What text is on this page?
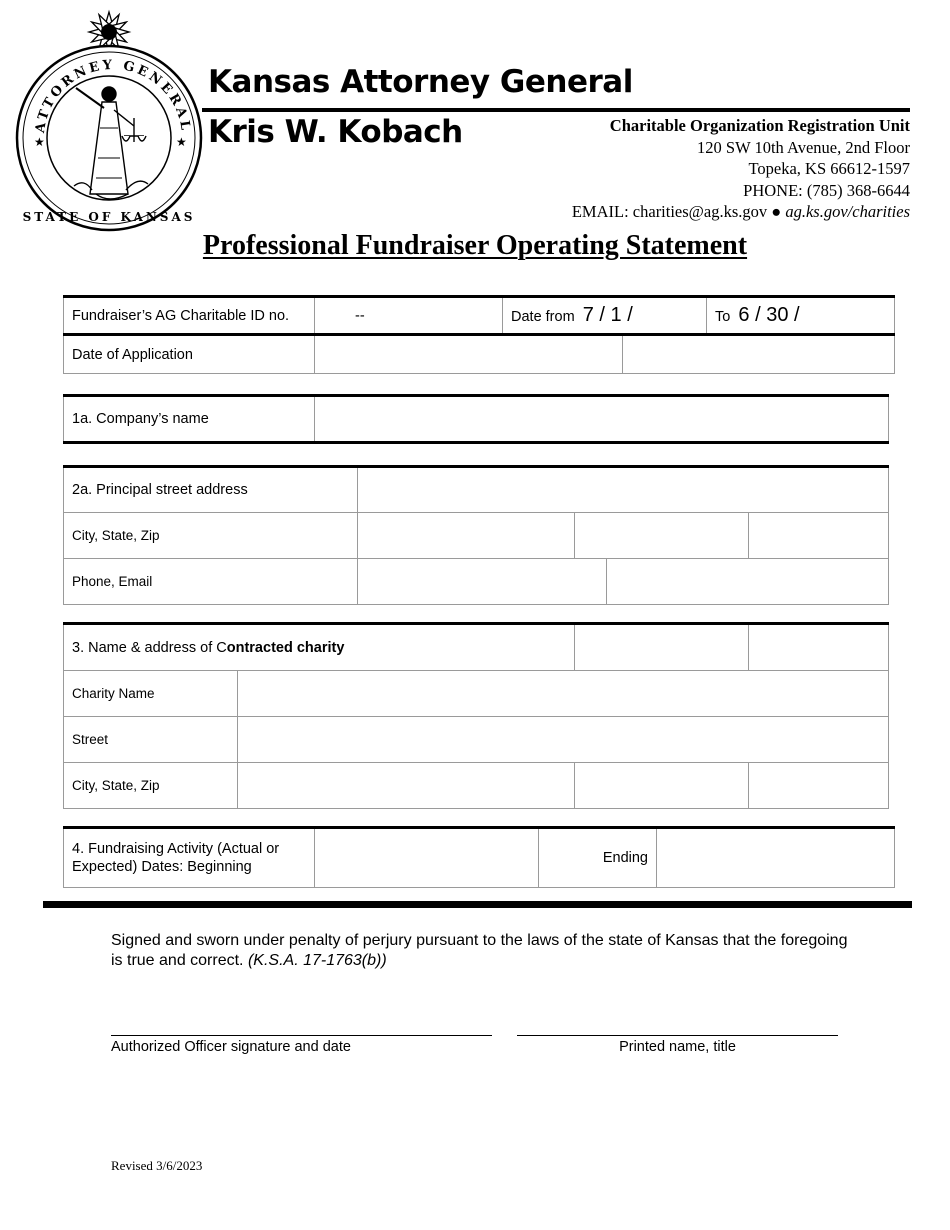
ATTORNEY GENERAL
STATE OF KANSAS
★	★
Kansas Attorney General
Kris W. Kobach	Charitable Organization Registration Unit
120 SW 10th Avenue, 2nd Floor
Topeka, KS 66612-1597
PHONE: (785) 368-6644
EMAIL: charities@ag.ks.gov ● ag.ks.gov/charities
Professional Fundraiser Operating Statement
Fundraiser’s AG Charitable ID no.	--	Date from 7 / 1 /		To 6 / 30 /
Date of Application				
1a. Company’s name	
2a. Principal street address				
City, State, Zip				
Phone, Email				
3. Name & address of Contracted charity			
Charity Name			
Street			
City, State, Zip			
4. Fundraising Activity (Actual or Expected) Dates: Beginning		Ending	
Signed and sworn under penalty of perjury pursuant to the laws of the state of Kansas that the foregoing is true and correct. (K.S.A. 17-1763(b))
Authorized Officer signature and date	Printed name, title
Revised 3/6/2023
